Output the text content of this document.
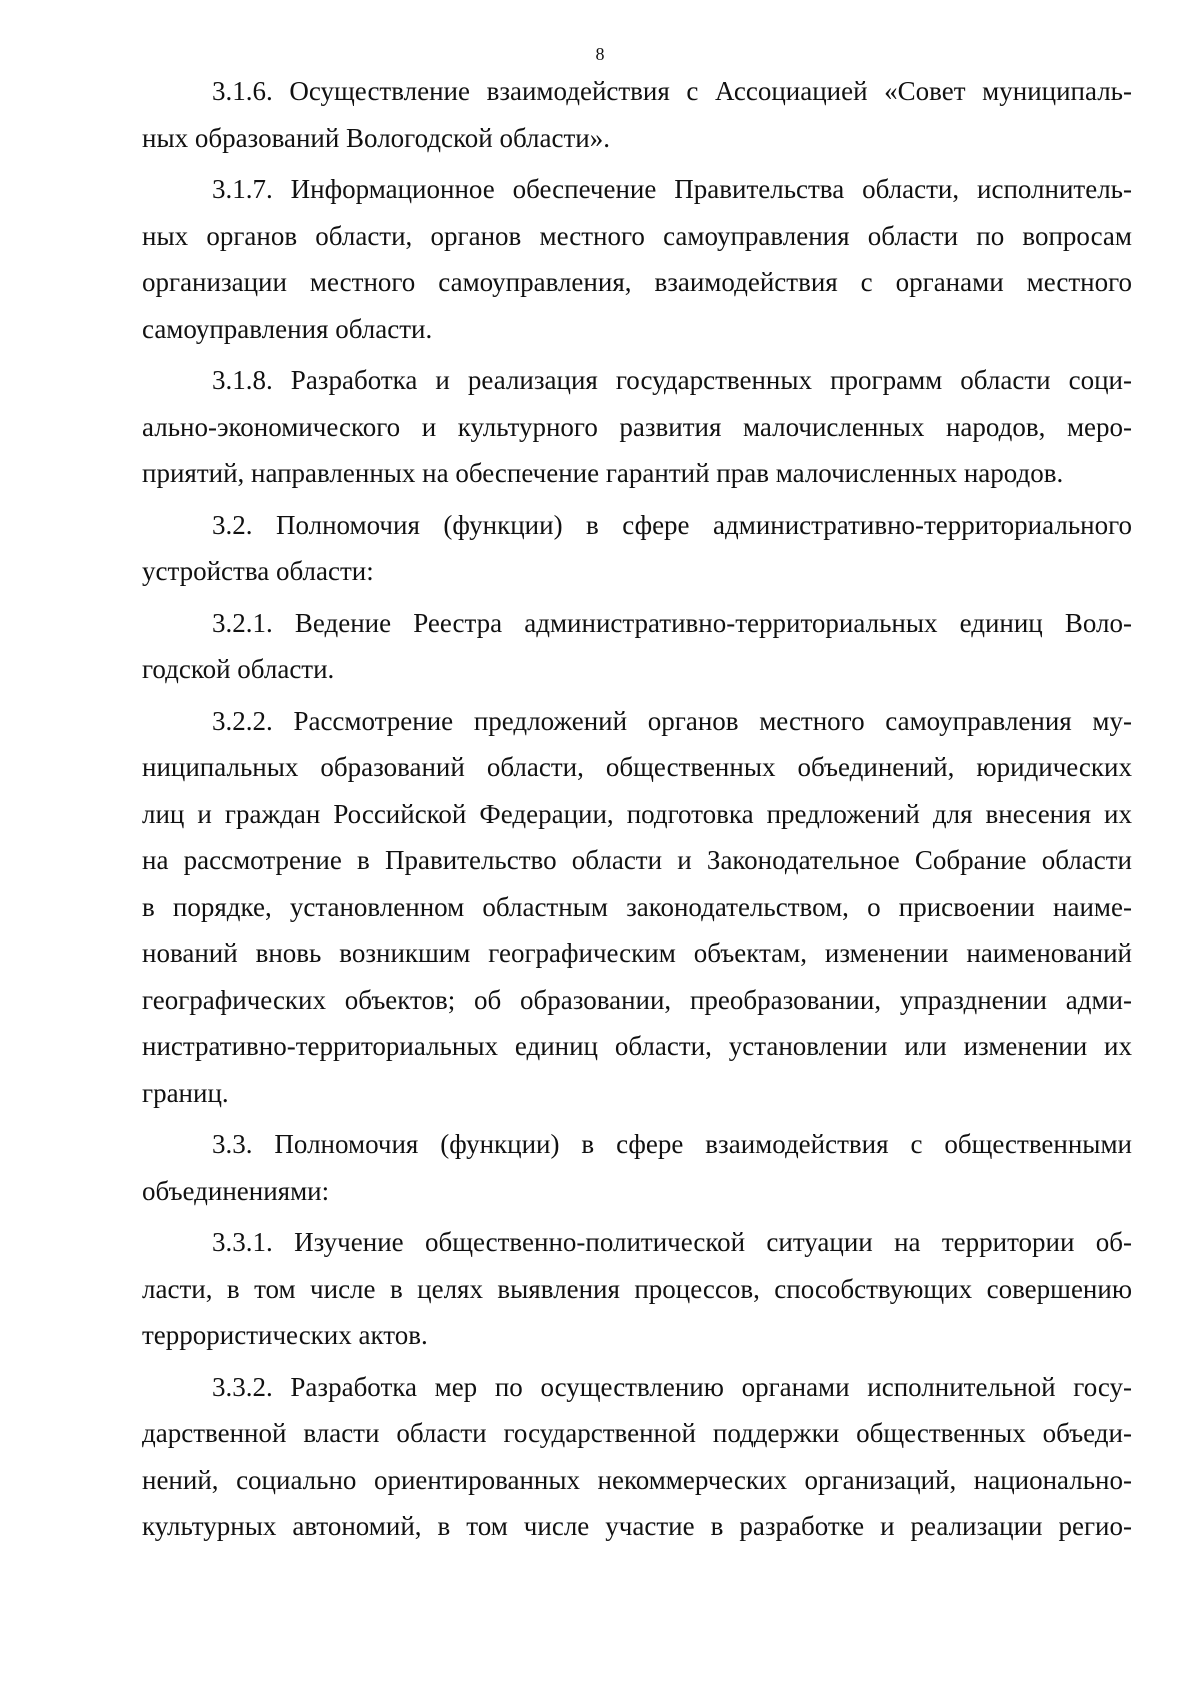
8
3.1.6. Осуществление взаимодействия с Ассоциацией «Совет муниципаль-
ных образований Вологодской области».
3.1.7. Информационное обеспечение Правительства области, исполнитель-
ных органов области, органов местного самоуправления области по вопросам
организации местного самоуправления, взаимодействия с органами местного
самоуправления области.
3.1.8. Разработка и реализация государственных программ области соци-
ально-экономического и культурного развития малочисленных народов, меро-
приятий, направленных на обеспечение гарантий прав малочисленных народов.
3.2. Полномочия (функции) в сфере административно-территориального
устройства области:
3.2.1. Ведение Реестра административно-территориальных единиц Воло-
годской области.
3.2.2. Рассмотрение предложений органов местного самоуправления му-
ниципальных образований области, общественных объединений, юридических
лиц и граждан Российской Федерации, подготовка предложений для внесения их
на рассмотрение в Правительство области и Законодательное Собрание области
в порядке, установленном областным законодательством, о присвоении наиме-
нований вновь возникшим географическим объектам, изменении наименований
географических объектов; об образовании, преобразовании, упразднении адми-
нистративно-территориальных единиц области, установлении или изменении их
границ.
3.3. Полномочия (функции) в сфере взаимодействия с общественными
объединениями:
3.3.1. Изучение общественно-политической ситуации на территории об-
ласти, в том числе в целях выявления процессов, способствующих совершению
террористических актов.
3.3.2. Разработка мер по осуществлению органами исполнительной госу-
дарственной власти области государственной поддержки общественных объеди-
нений, социально ориентированных некоммерческих организаций, национально-
культурных автономий, в том числе участие в разработке и реализации регио-
